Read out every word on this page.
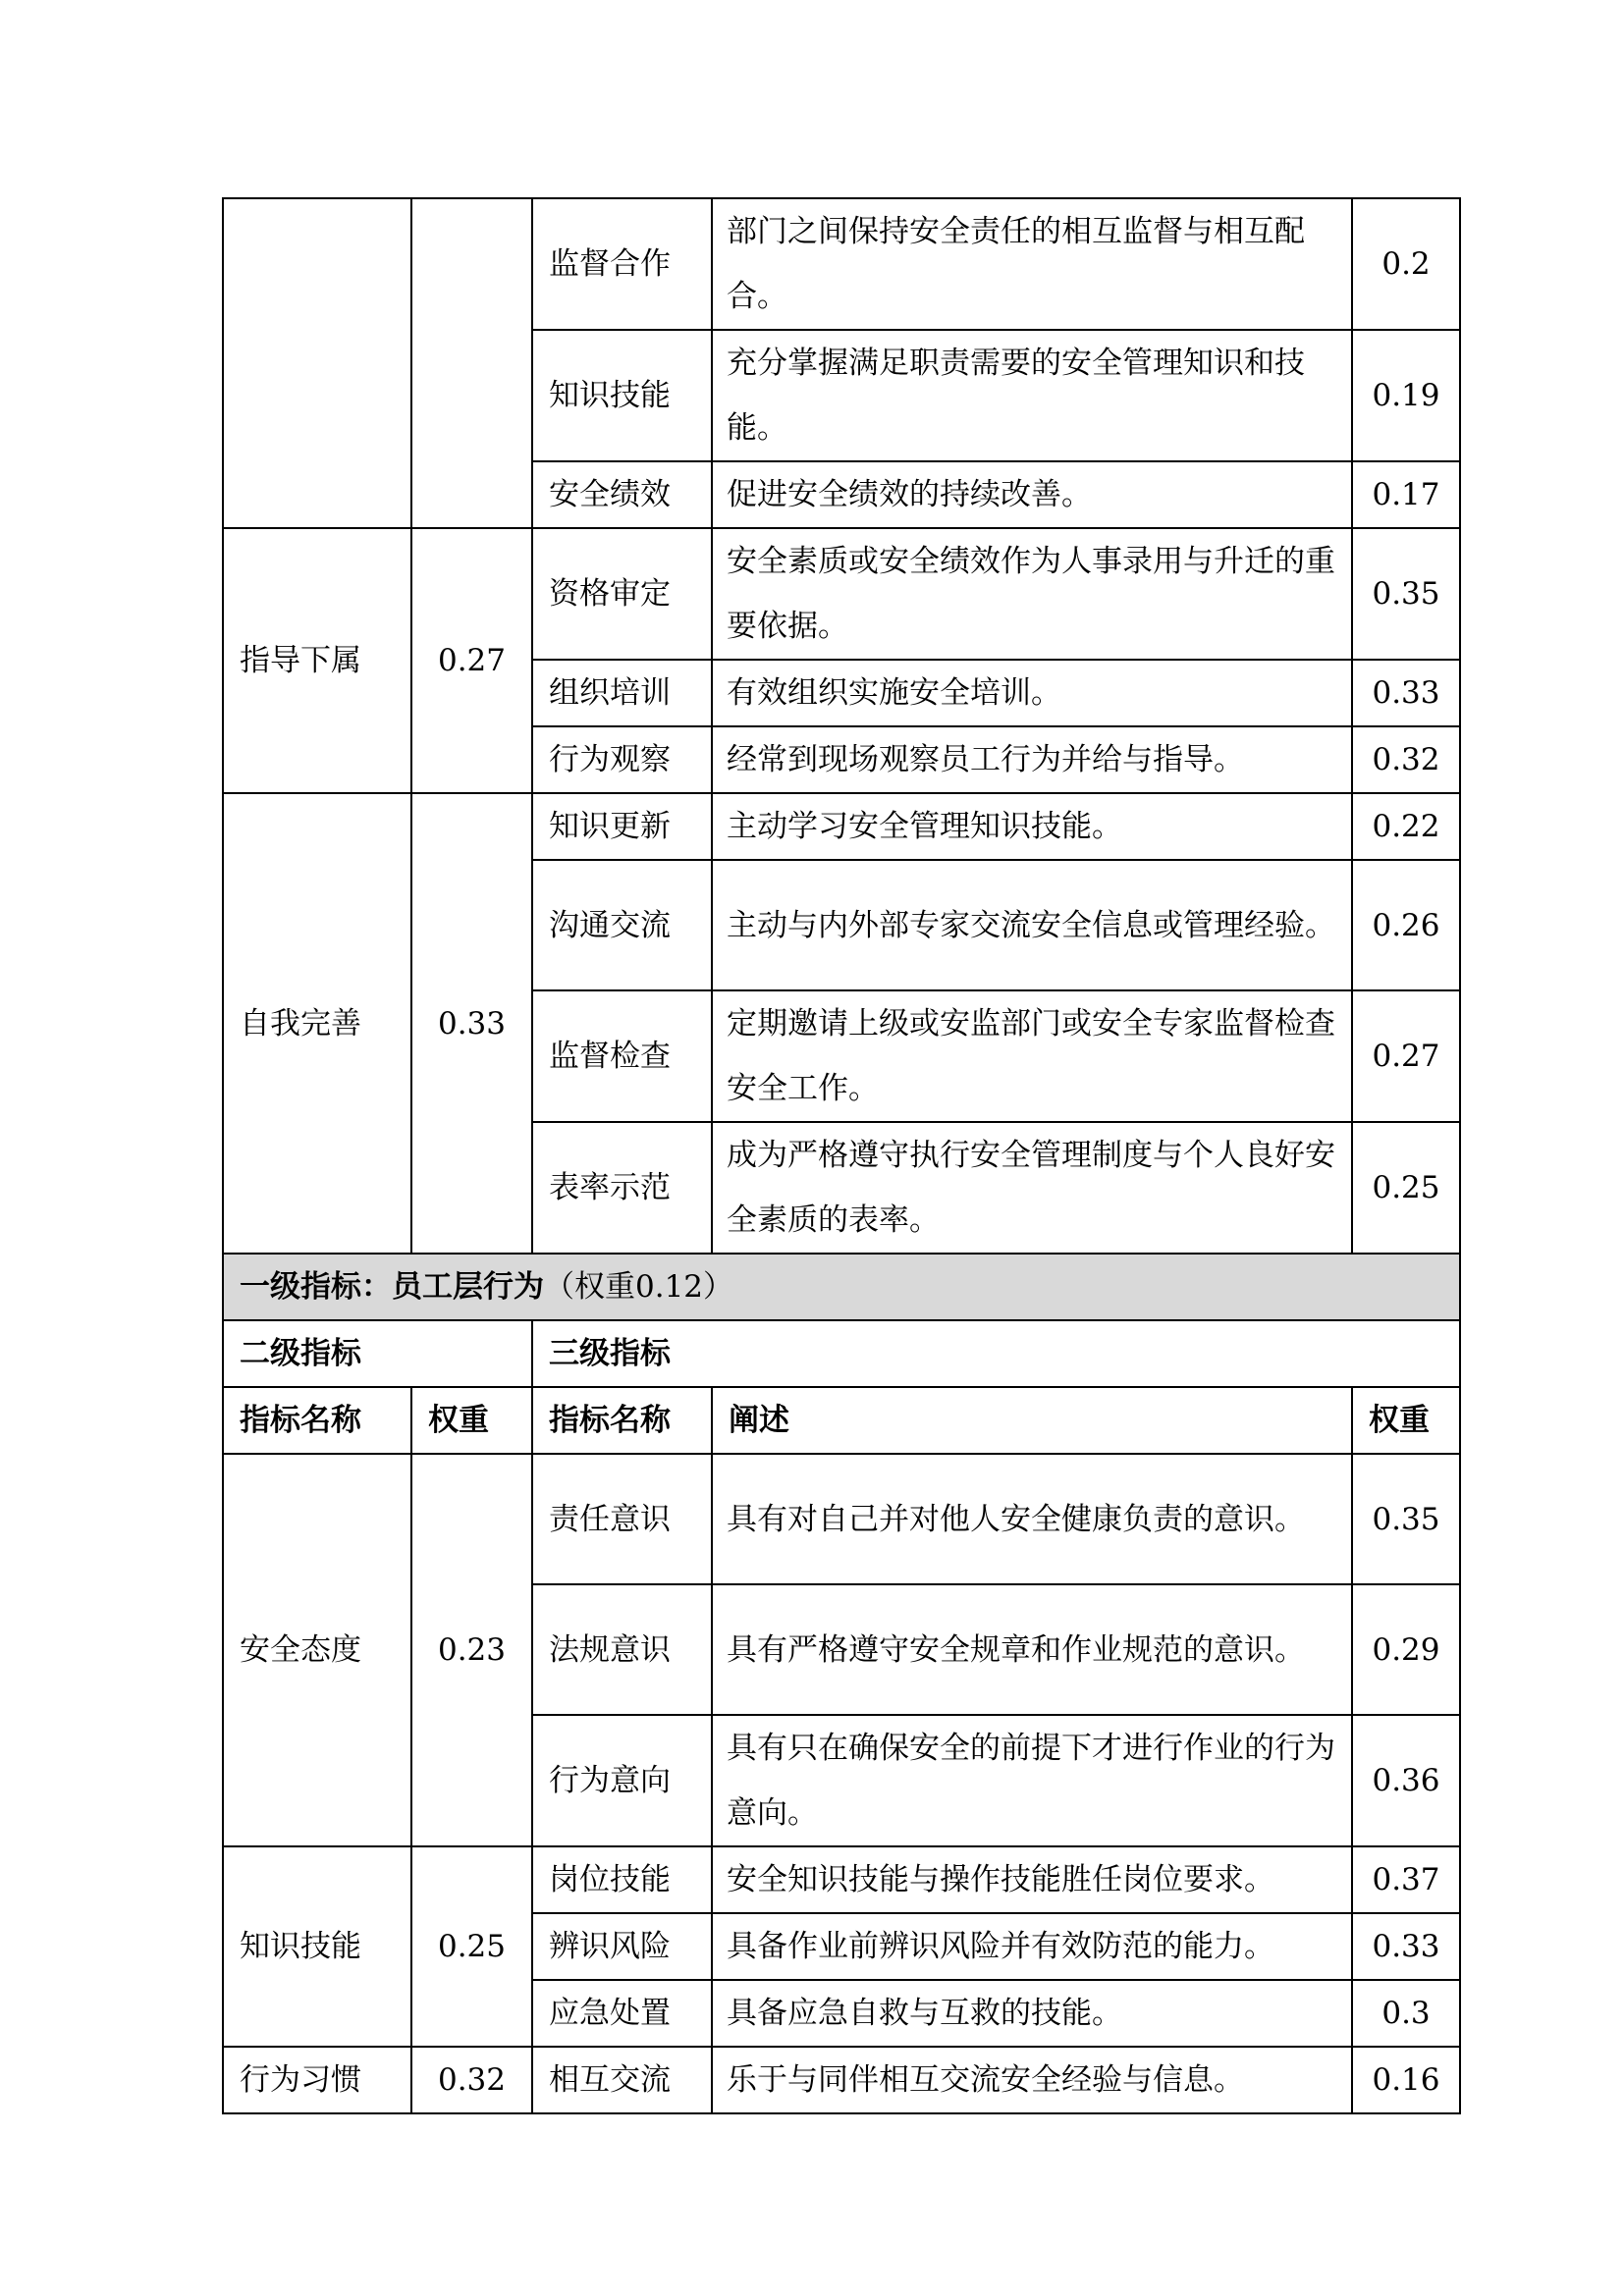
		监督合作	部门之间保持安全责任的相互监督与相互配合。	0.2
		知识技能	充分掌握满足职责需要的安全管理知识和技能。	0.19
		安全绩效	促进安全绩效的持续改善。	0.17
指导下属	0.27	资格审定	安全素质或安全绩效作为人事录用与升迁的重要依据。	0.35
		组织培训	有效组织实施安全培训。	0.33
		行为观察	经常到现场观察员工行为并给与指导。	0.32
自我完善	0.33	知识更新	主动学习安全管理知识技能。	0.22
		沟通交流	主动与内外部专家交流安全信息或管理经验。	0.26
		监督检查	定期邀请上级或安监部门或安全专家监督检查安全工作。	0.27
		表率示范	成为严格遵守执行安全管理制度与个人良好安全素质的表率。	0.25
一级指标：员工层行为（权重0.12）				
二级指标		三级指标		
指标名称	权重	指标名称	阐述	权重
安全态度	0.23	责任意识	具有对自己并对他人安全健康负责的意识。	0.35
		法规意识	具有严格遵守安全规章和作业规范的意识。	0.29
		行为意向	具有只在确保安全的前提下才进行作业的行为意向。	0.36
知识技能	0.25	岗位技能	安全知识技能与操作技能胜任岗位要求。	0.37
		辨识风险	具备作业前辨识风险并有效防范的能力。	0.33
		应急处置	具备应急自救与互救的技能。	0.3
行为习惯	0.32	相互交流	乐于与同伴相互交流安全经验与信息。	0.16
